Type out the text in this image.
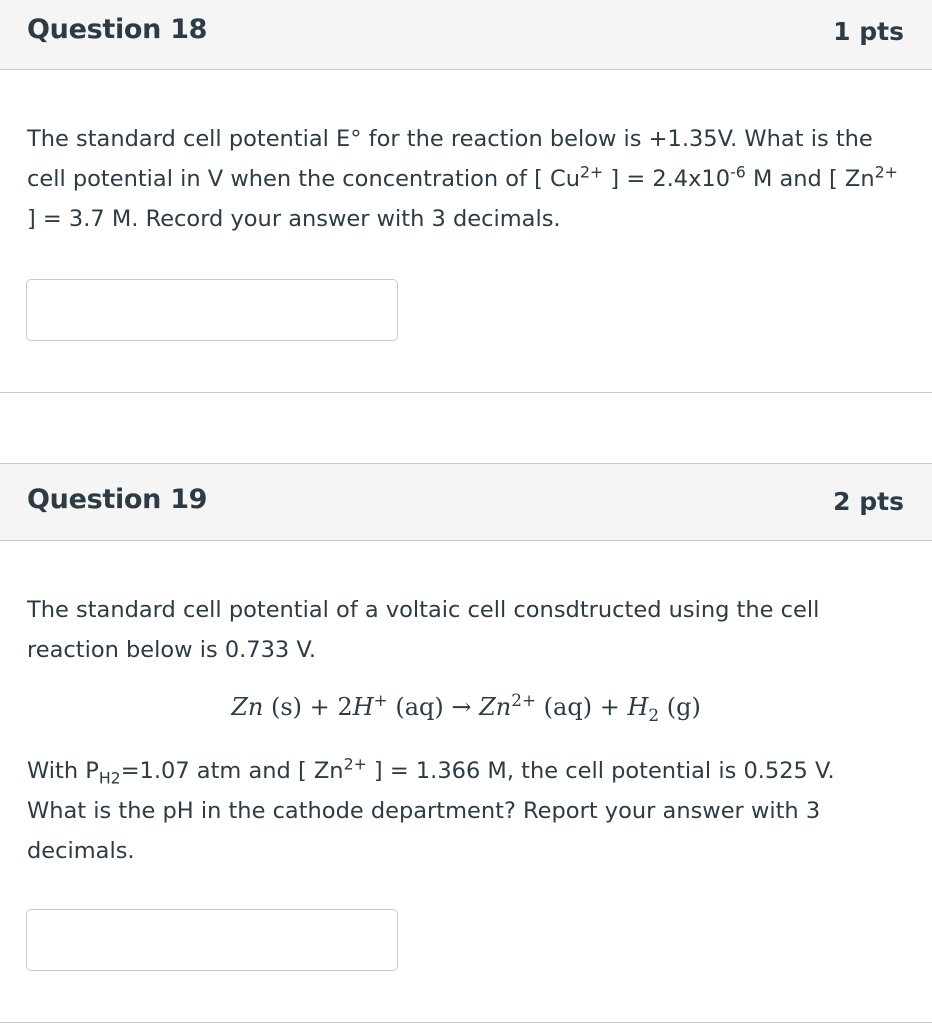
Question 18	1 pts
The standard cell potential E° for the reaction below is +1.35V. What is the cell potential in V when the concentration of [ $Cu^{2+}$ ] = $2.4x10^{-6}$ M and [ $Zn^{2+}$ ] = 3.7 M. Record your answer with 3 decimals.
Question 19	2 pts
The standard cell potential of a voltaic cell consdtructed using the cell reaction below is 0.733 V.
Zn (s) + 2H+ $(aq) \to Zn^{2+}$ $(aq) + H_2$ (g)
With $P_{H2}=1.07$ atm and [ $Zn^{2+}$ ] = 1.366 M, the cell potential is 0.525 V. What is the pH in the cathode department? Report your answer with 3 decimals.
